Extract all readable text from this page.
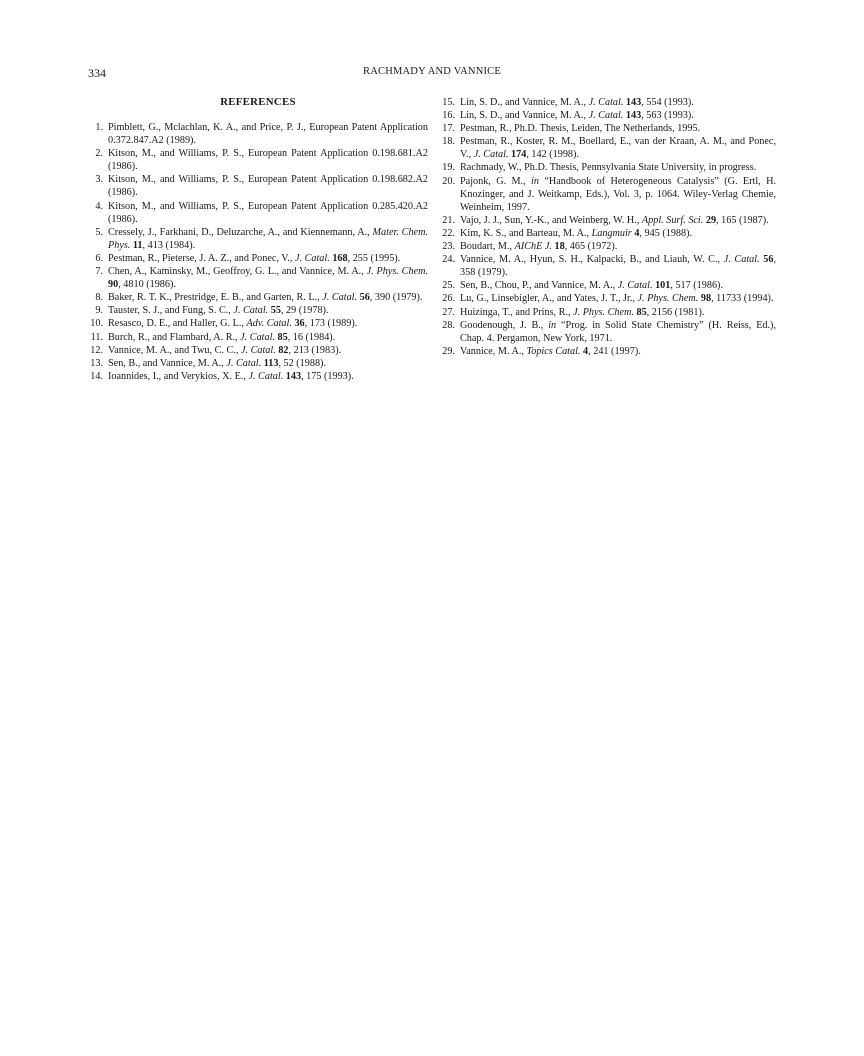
334	RACHMADY AND VANNICE
REFERENCES
1. Pimblett, G., Mclachlan, K. A., and Price, P. J., European Patent Application 0.372.847.A2 (1989).
2. Kitson, M., and Williams, P. S., European Patent Application 0.198.681.A2 (1986).
3. Kitson, M., and Williams, P. S., European Patent Application 0.198.682.A2 (1986).
4. Kitson, M., and Williams, P. S., European Patent Application 0.285.420.A2 (1986).
5. Cressely, J., Farkhani, D., Deluzarche, A., and Kiennemann, A., Mater. Chem. Phys. 11, 413 (1984).
6. Pestman, R., Pieterse, J. A. Z., and Ponec, V., J. Catal. 168, 255 (1995).
7. Chen, A., Kaminsky, M., Geoffroy, G. L., and Vannice, M. A., J. Phys. Chem. 90, 4810 (1986).
8. Baker, R. T. K., Prestridge, E. B., and Garten, R. L., J. Catal. 56, 390 (1979).
9. Tauster, S. J., and Fung, S. C., J. Catal. 55, 29 (1978).
10. Resasco, D. E., and Haller, G. L., Adv. Catal. 36, 173 (1989).
11. Burch, R., and Flambard, A. R., J. Catal. 85, 16 (1984).
12. Vannice, M. A., and Twu, C. C., J. Catal. 82, 213 (1983).
13. Sen, B., and Vannice, M. A., J. Catal. 113, 52 (1988).
14. Ioannides, I., and Verykios, X. E., J. Catal. 143, 175 (1993).
15. Lin, S. D., and Vannice, M. A., J. Catal. 143, 554 (1993).
16. Lin, S. D., and Vannice, M. A., J. Catal. 143, 563 (1993).
17. Pestman, R., Ph.D. Thesis, Leiden, The Netherlands, 1995.
18. Pestman, R., Koster, R. M., Boellard, E., van der Kraan, A. M., and Ponec, V., J. Catal. 174, 142 (1998).
19. Rachmady, W., Ph.D. Thesis, Pennsylvania State University, in progress.
20. Pajonk, G. M., in “Handbook of Heterogeneous Catalysis” (G. Ertl, H. Knozinger, and J. Weitkamp, Eds.), Vol. 3, p. 1064. Wiley-Verlag Chemie, Weinheim, 1997.
21. Vajo, J. J., Sun, Y.-K., and Weinberg, W. H., Appl. Surf. Sci. 29, 165 (1987).
22. Kim, K. S., and Barteau, M. A., Langmuir 4, 945 (1988).
23. Boudart, M., AIChE J. 18, 465 (1972).
24. Vannice, M. A., Hyun, S. H., Kalpacki, B., and Liauh, W. C., J. Catal. 56, 358 (1979).
25. Sen, B., Chou, P., and Vannice, M. A., J. Catal. 101, 517 (1986).
26. Lu, G., Linsebigler, A., and Yates, J. T., Jr., J. Phys. Chem. 98, 11733 (1994).
27. Huizinga, T., and Prins, R., J. Phys. Chem. 85, 2156 (1981).
28. Goodenough, J. B., in “Prog. in Solid State Chemistry” (H. Reiss, Ed.), Chap. 4. Pergamon, New York, 1971.
29. Vannice, M. A., Topics Catal. 4, 241 (1997).
